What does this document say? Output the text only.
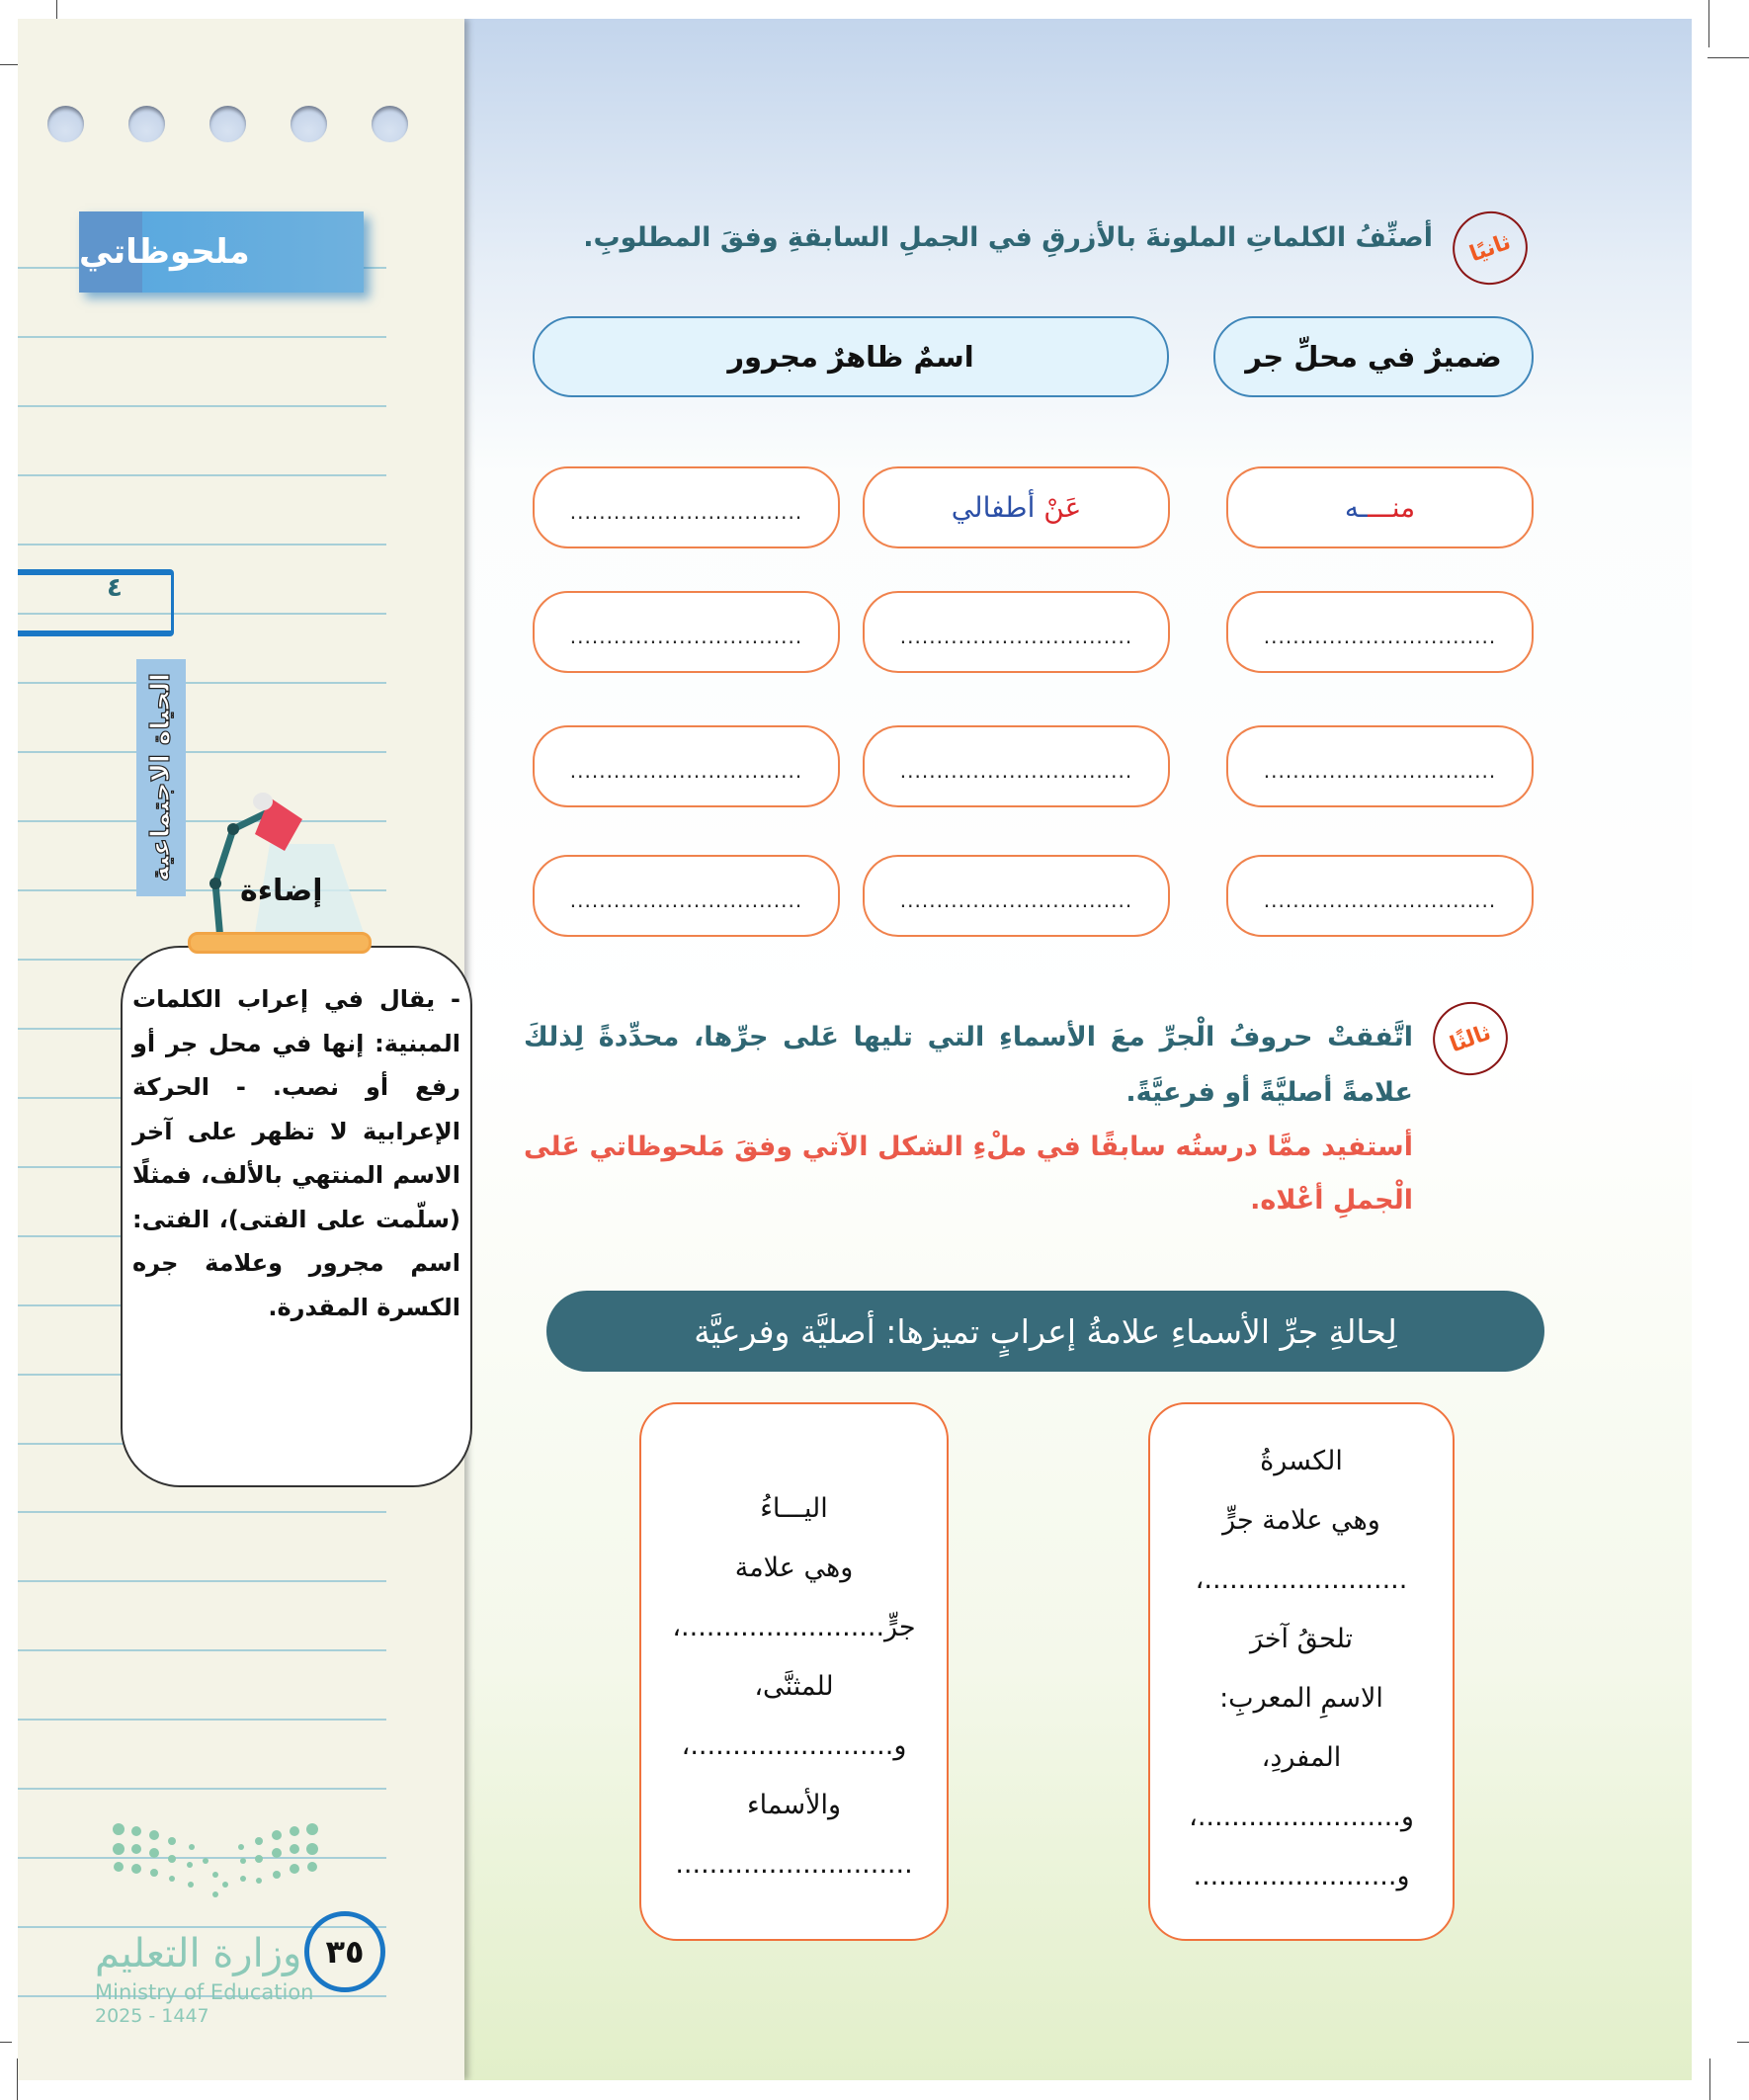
ملحوظاتي
٤
الحياة الاجتماعية
إضاءة
- يقال في إعراب الكلمات المبنية: إنها في محل جر أو رفع أو نصب. - الحركة الإعرابية لا تظهر على آخر الاسم المنتهي بالألف، فمثلًا (سلّمت على الفتى)، الفتى: اسم مجرور وعلامة جره الكسرة المقدرة.
وزارة التعليم
Ministry of Education
2025 - 1447
٣٥
ثانيًا
أصنِّفُ الكلماتِ الملونةَ بالأزرقِ في الجملِ السابقةِ وفقَ المطلوبِ.
ضميرٌ في محلِّ جر
اسمٌ ظاهرٌ مجرور
منــــه
عَنْ أطفالي
................................
................................
................................
................................
................................
................................
................................
................................
................................
................................
ثالثًا
اتَّفقتْ حروفُ الْجرِّ معَ الأسماءِ التي تليها عَلى جرِّها، محدِّدةً لِذلكَ علامةً أصليَّةً أو فرعيَّةً.
أستفيد ممَّا درستُه سابقًا في ملْءِ الشكل الآتي وفقَ مَلحوظاتي عَلى الْجملِ أعْلاه.
لِحالةِ جرِّ الأسماءِ علامةُ إعرابٍ تميزها: أصليَّة وفرعيَّة
الكسرةُ
وهي علامة جرٍّ
........................،
تلحقُ آخرَ
الاسمِ المعربِ:
المفردِ،
و........................،
و........................
اليـــاءُ
وهي علامة
جرٍّ........................،
للمثنَّى،
و........................،
والأسماء
............................
